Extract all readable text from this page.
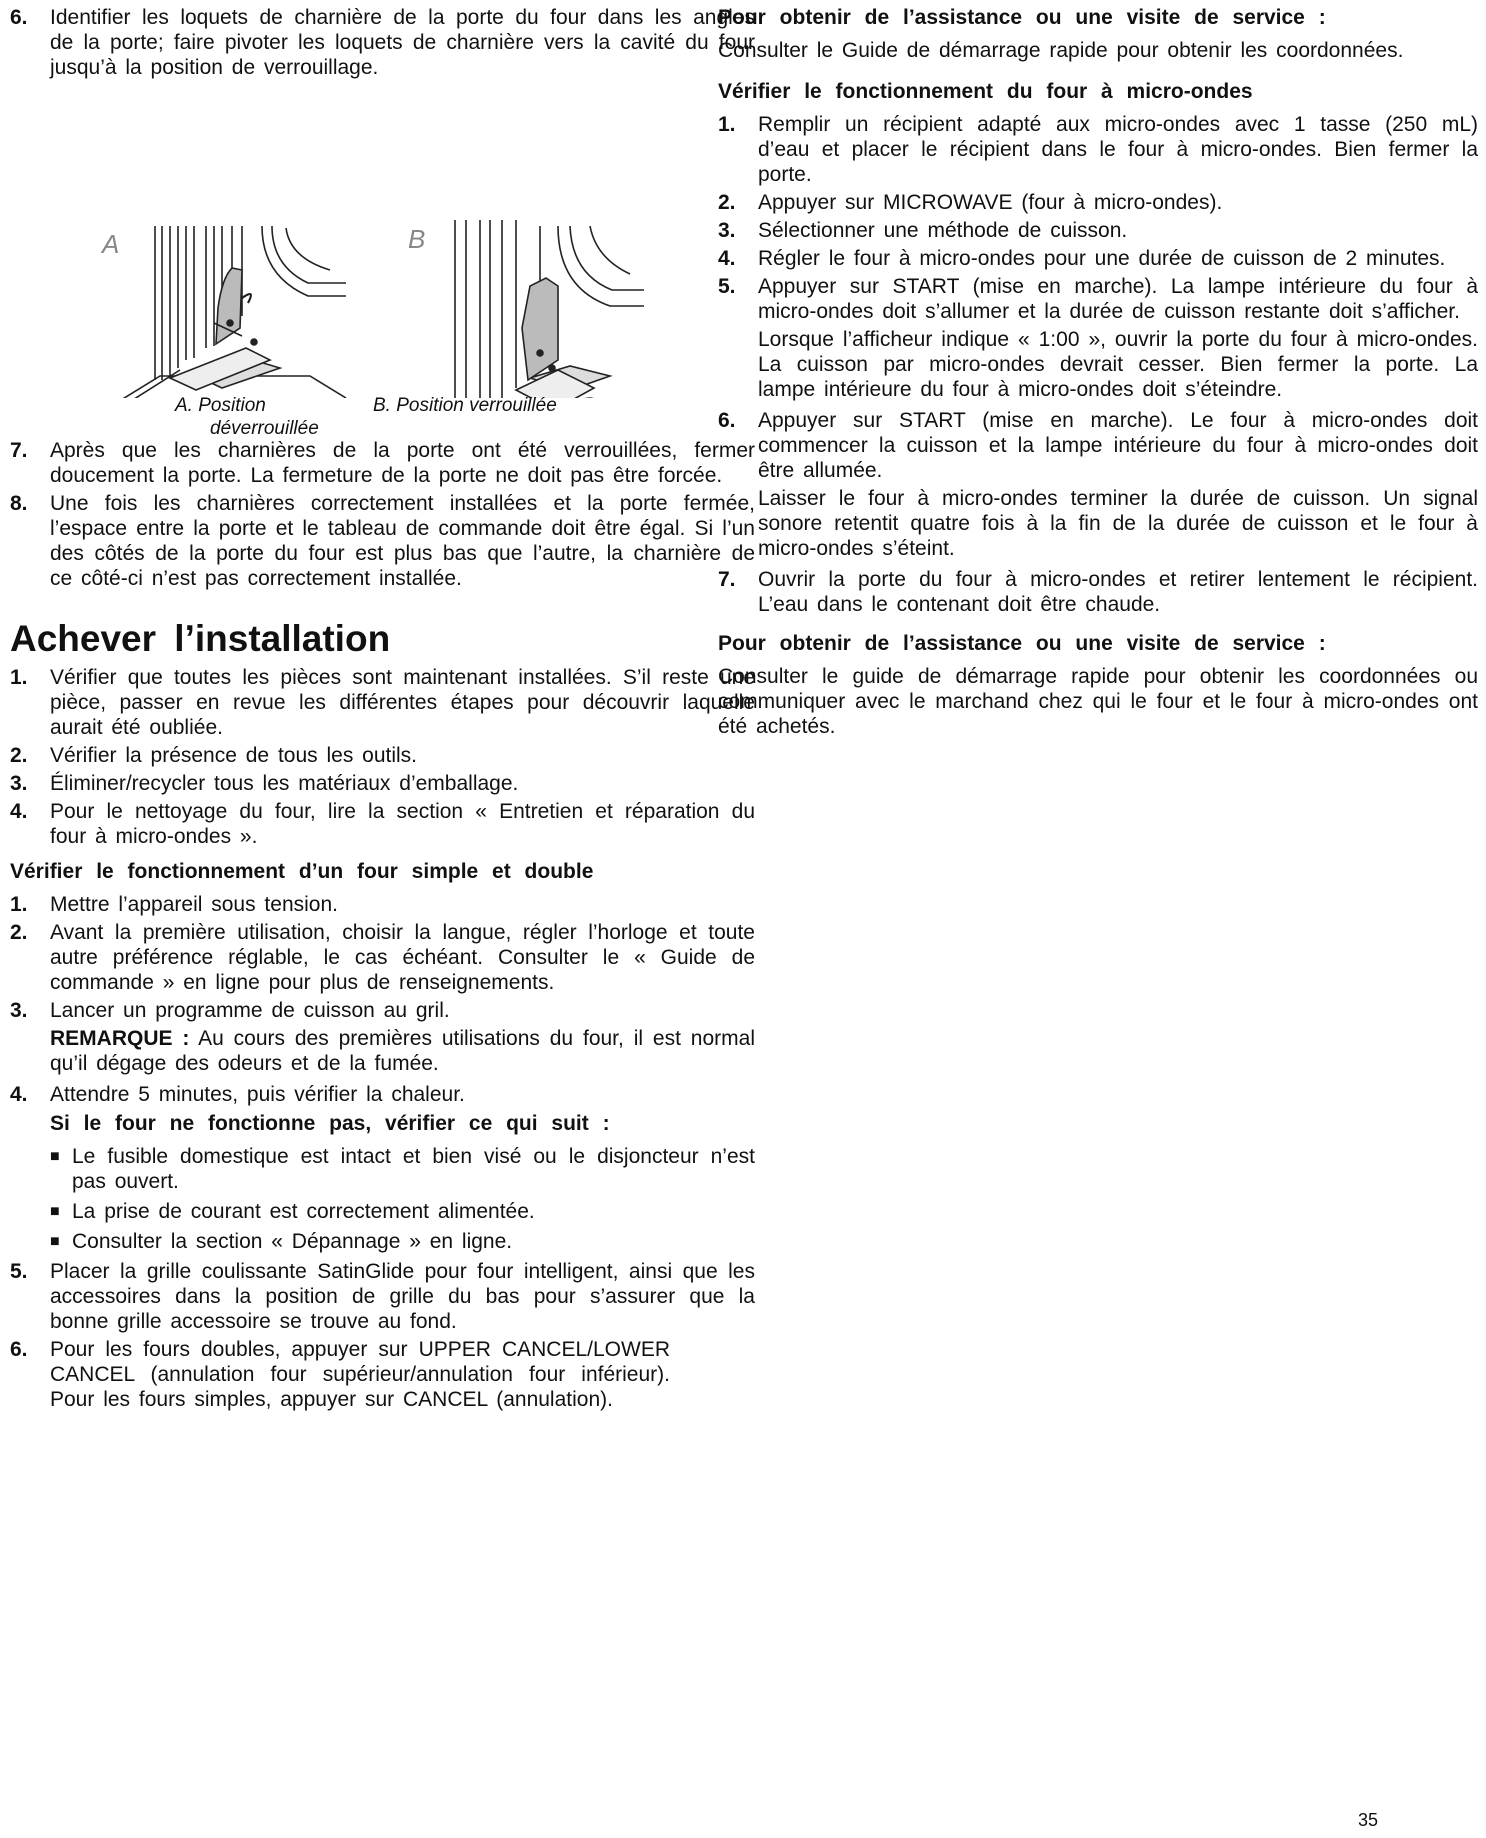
6.	Identifier les loquets de charnière de la porte du four dans les angles de la porte; faire pivoter les loquets de charnière vers la cavité du four jusqu’à la position de verrouillage.
A	B
A. Position
déverrouillée
B. Position verrouillée
7.	Après que les charnières de la porte ont été verrouillées, fermer doucement la porte. La fermeture de la porte ne doit pas être forcée.
8.	Une fois les charnières correctement installées et la porte fermée, l’espace entre la porte et le tableau de commande doit être égal. Si l’un des côtés de la porte du four est plus bas que l’autre, la charnière de ce côté-ci n’est pas correctement installée.
Achever l’installation
1.	Vérifier que toutes les pièces sont maintenant installées. S’il reste une pièce, passer en revue les différentes étapes pour découvrir laquelle aurait été oubliée.
2.	Vérifier la présence de tous les outils.
3.	Éliminer/recycler tous les matériaux d’emballage.
4.	Pour le nettoyage du four, lire la section « Entretien et réparation du four à micro-ondes ».
Vérifier le fonctionnement d’un four simple et double
1.	Mettre l’appareil sous tension.
2.	Avant la première utilisation, choisir la langue, régler l’horloge et toute autre préférence réglable, le cas échéant. Consulter le « Guide de commande » en ligne pour plus de renseignements.
3.	Lancer un programme de cuisson au gril.
REMARQUE : Au cours des premières utilisations du four, il est normal qu’il dégage des odeurs et de la fumée.
4.	Attendre 5 minutes, puis vérifier la chaleur.
Si le four ne fonctionne pas, vérifier ce qui suit :
■ Le fusible domestique est intact et bien visé ou le disjoncteur n’est pas ouvert.
■ La prise de courant est correctement alimentée.
■ Consulter la section « Dépannage » en ligne.
5.	Placer la grille coulissante SatinGlide pour four intelligent, ainsi que les accessoires dans la position de grille du bas pour s’assurer que la bonne grille accessoire se trouve au fond.
6.	Pour les fours doubles, appuyer sur UPPER CANCEL/LOWER CANCEL (annulation four supérieur/annulation four inférieur). Pour les fours simples, appuyer sur CANCEL (annulation).
Pour obtenir de l’assistance ou une visite de service :
Consulter le Guide de démarrage rapide pour obtenir les coordonnées.
Vérifier le fonctionnement du four à micro-ondes
1.	Remplir un récipient adapté aux micro-ondes avec 1 tasse (250 mL) d’eau et placer le récipient dans le four à micro-ondes. Bien fermer la porte.
2.	Appuyer sur MICROWAVE (four à micro-ondes).
3.	Sélectionner une méthode de cuisson.
4.	Régler le four à micro-ondes pour une durée de cuisson de 2 minutes.
5.	Appuyer sur START (mise en marche). La lampe intérieure du four à micro-ondes doit s’allumer et la durée de cuisson restante doit s’afficher.
Lorsque l’afficheur indique « 1:00 », ouvrir la porte du four à micro-ondes. La cuisson par micro-ondes devrait cesser. Bien fermer la porte. La lampe intérieure du four à micro-ondes doit s’éteindre.
6.	Appuyer sur START (mise en marche). Le four à micro-ondes doit commencer la cuisson et la lampe intérieure du four à micro-ondes doit être allumée.
Laisser le four à micro-ondes terminer la durée de cuisson. Un signal sonore retentit quatre fois à la fin de la durée de cuisson et le four à micro-ondes s’éteint.
7.	Ouvrir la porte du four à micro-ondes et retirer lentement le récipient. L’eau dans le contenant doit être chaude.
Pour obtenir de l’assistance ou une visite de service :
Consulter le guide de démarrage rapide pour obtenir les coordonnées ou communiquer avec le marchand chez qui le four et le four à micro-ondes ont été achetés.
35
